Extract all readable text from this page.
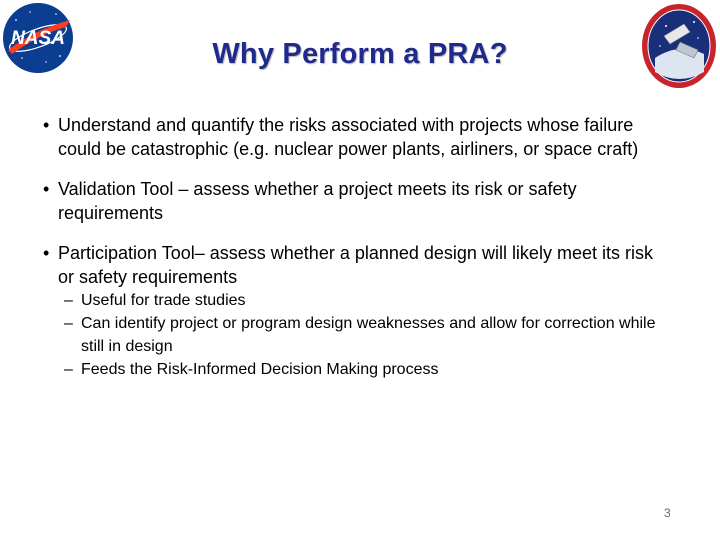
NASA	Why Perform a PRA?
• Understand and quantify the risks associated with projects whose failure could be catastrophic (e.g. nuclear power plants, airliners, or space craft)
• Validation Tool – assess whether a project meets its risk or safety requirements
• Participation Tool– assess whether a planned design will likely meet its risk or safety requirements
– Useful for trade studies
– Can identify project or program design weaknesses and allow for correction while still in design
– Feeds the Risk-Informed Decision Making process
3
